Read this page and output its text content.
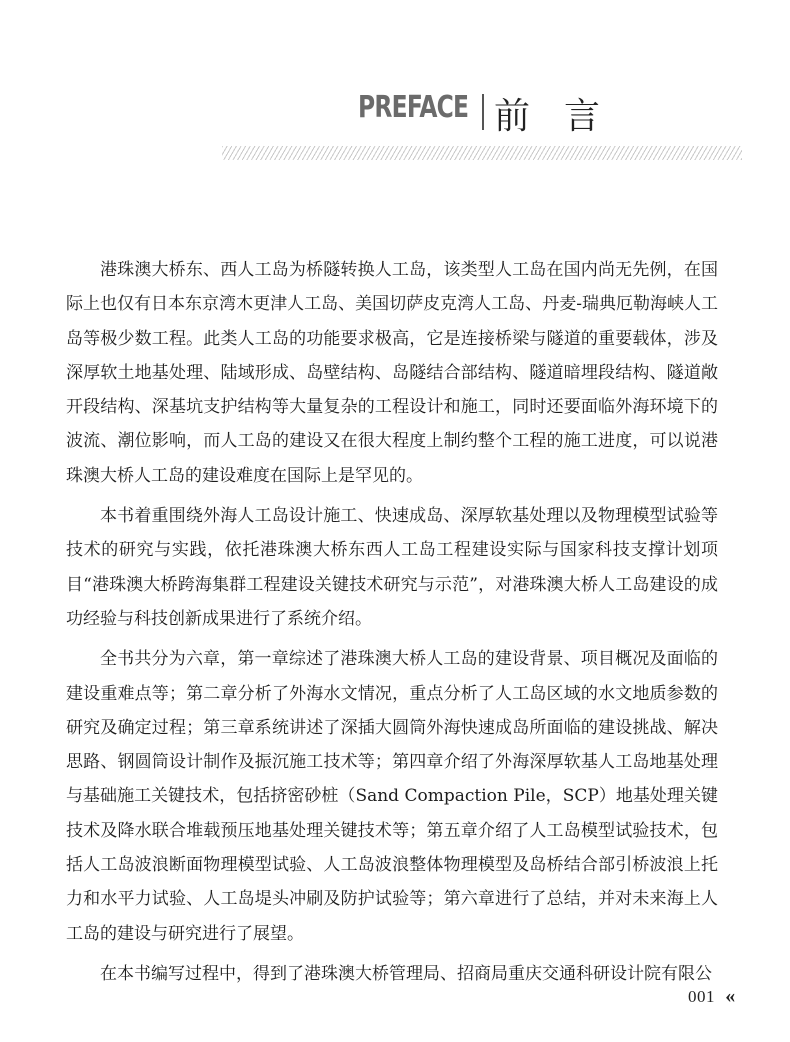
PREFACE 前言

港珠澳大桥东、西人工岛为桥隧转换人工岛，该类型人工岛在国内尚无先例，在国际上也仅有日本东京湾木更津人工岛、美国切萨皮克湾人工岛、丹麦-瑞典厄勒海峡人工岛等极少数工程。此类人工岛的功能要求极高，它是连接桥梁与隧道的重要载体，涉及深厚软土地基处理、陆域形成、岛壁结构、岛隧结合部结构、隧道暗埋段结构、隧道敞开段结构、深基坑支护结构等大量复杂的工程设计和施工，同时还要面临外海环境下的波流、潮位影响，而人工岛的建设又在很大程度上制约整个工程的施工进度，可以说港珠澳大桥人工岛的建设难度在国际上是罕见的。

本书着重围绕外海人工岛设计施工、快速成岛、深厚软基处理以及物理模型试验等技术的研究与实践，依托港珠澳大桥东西人工岛工程建设实际与国家科技支撑计划项目“港珠澳大桥跨海集群工程建设关键技术研究与示范”，对港珠澳大桥人工岛建设的成功经验与科技创新成果进行了系统介绍。

全书共分为六章，第一章综述了港珠澳大桥人工岛的建设背景、项目概况及面临的建设重难点等；第二章分析了外海水文情况，重点分析了人工岛区域的水文地质参数的研究及确定过程；第三章系统讲述了深插大圆筒外海快速成岛所面临的建设挑战、解决思路、钢圆筒设计制作及振沉施工技术等；第四章介绍了外海深厚软基人工岛地基处理与基础施工关键技术，包括挤密砂桩（Sand Compaction Pile，SCP）地基处理关键技术及降水联合堆载预压地基处理关键技术等；第五章介绍了人工岛模型试验技术，包括人工岛波浪断面物理模型试验、人工岛波浪整体物理模型及岛桥结合部引桥波浪上托力和水平力试验、人工岛堤头冲刷及防护试验等；第六章进行了总结，并对未来海上人工岛的建设与研究进行了展望。

在本书编写过程中，得到了港珠澳大桥管理局、招商局重庆交通科研设计院有限公

001 «
